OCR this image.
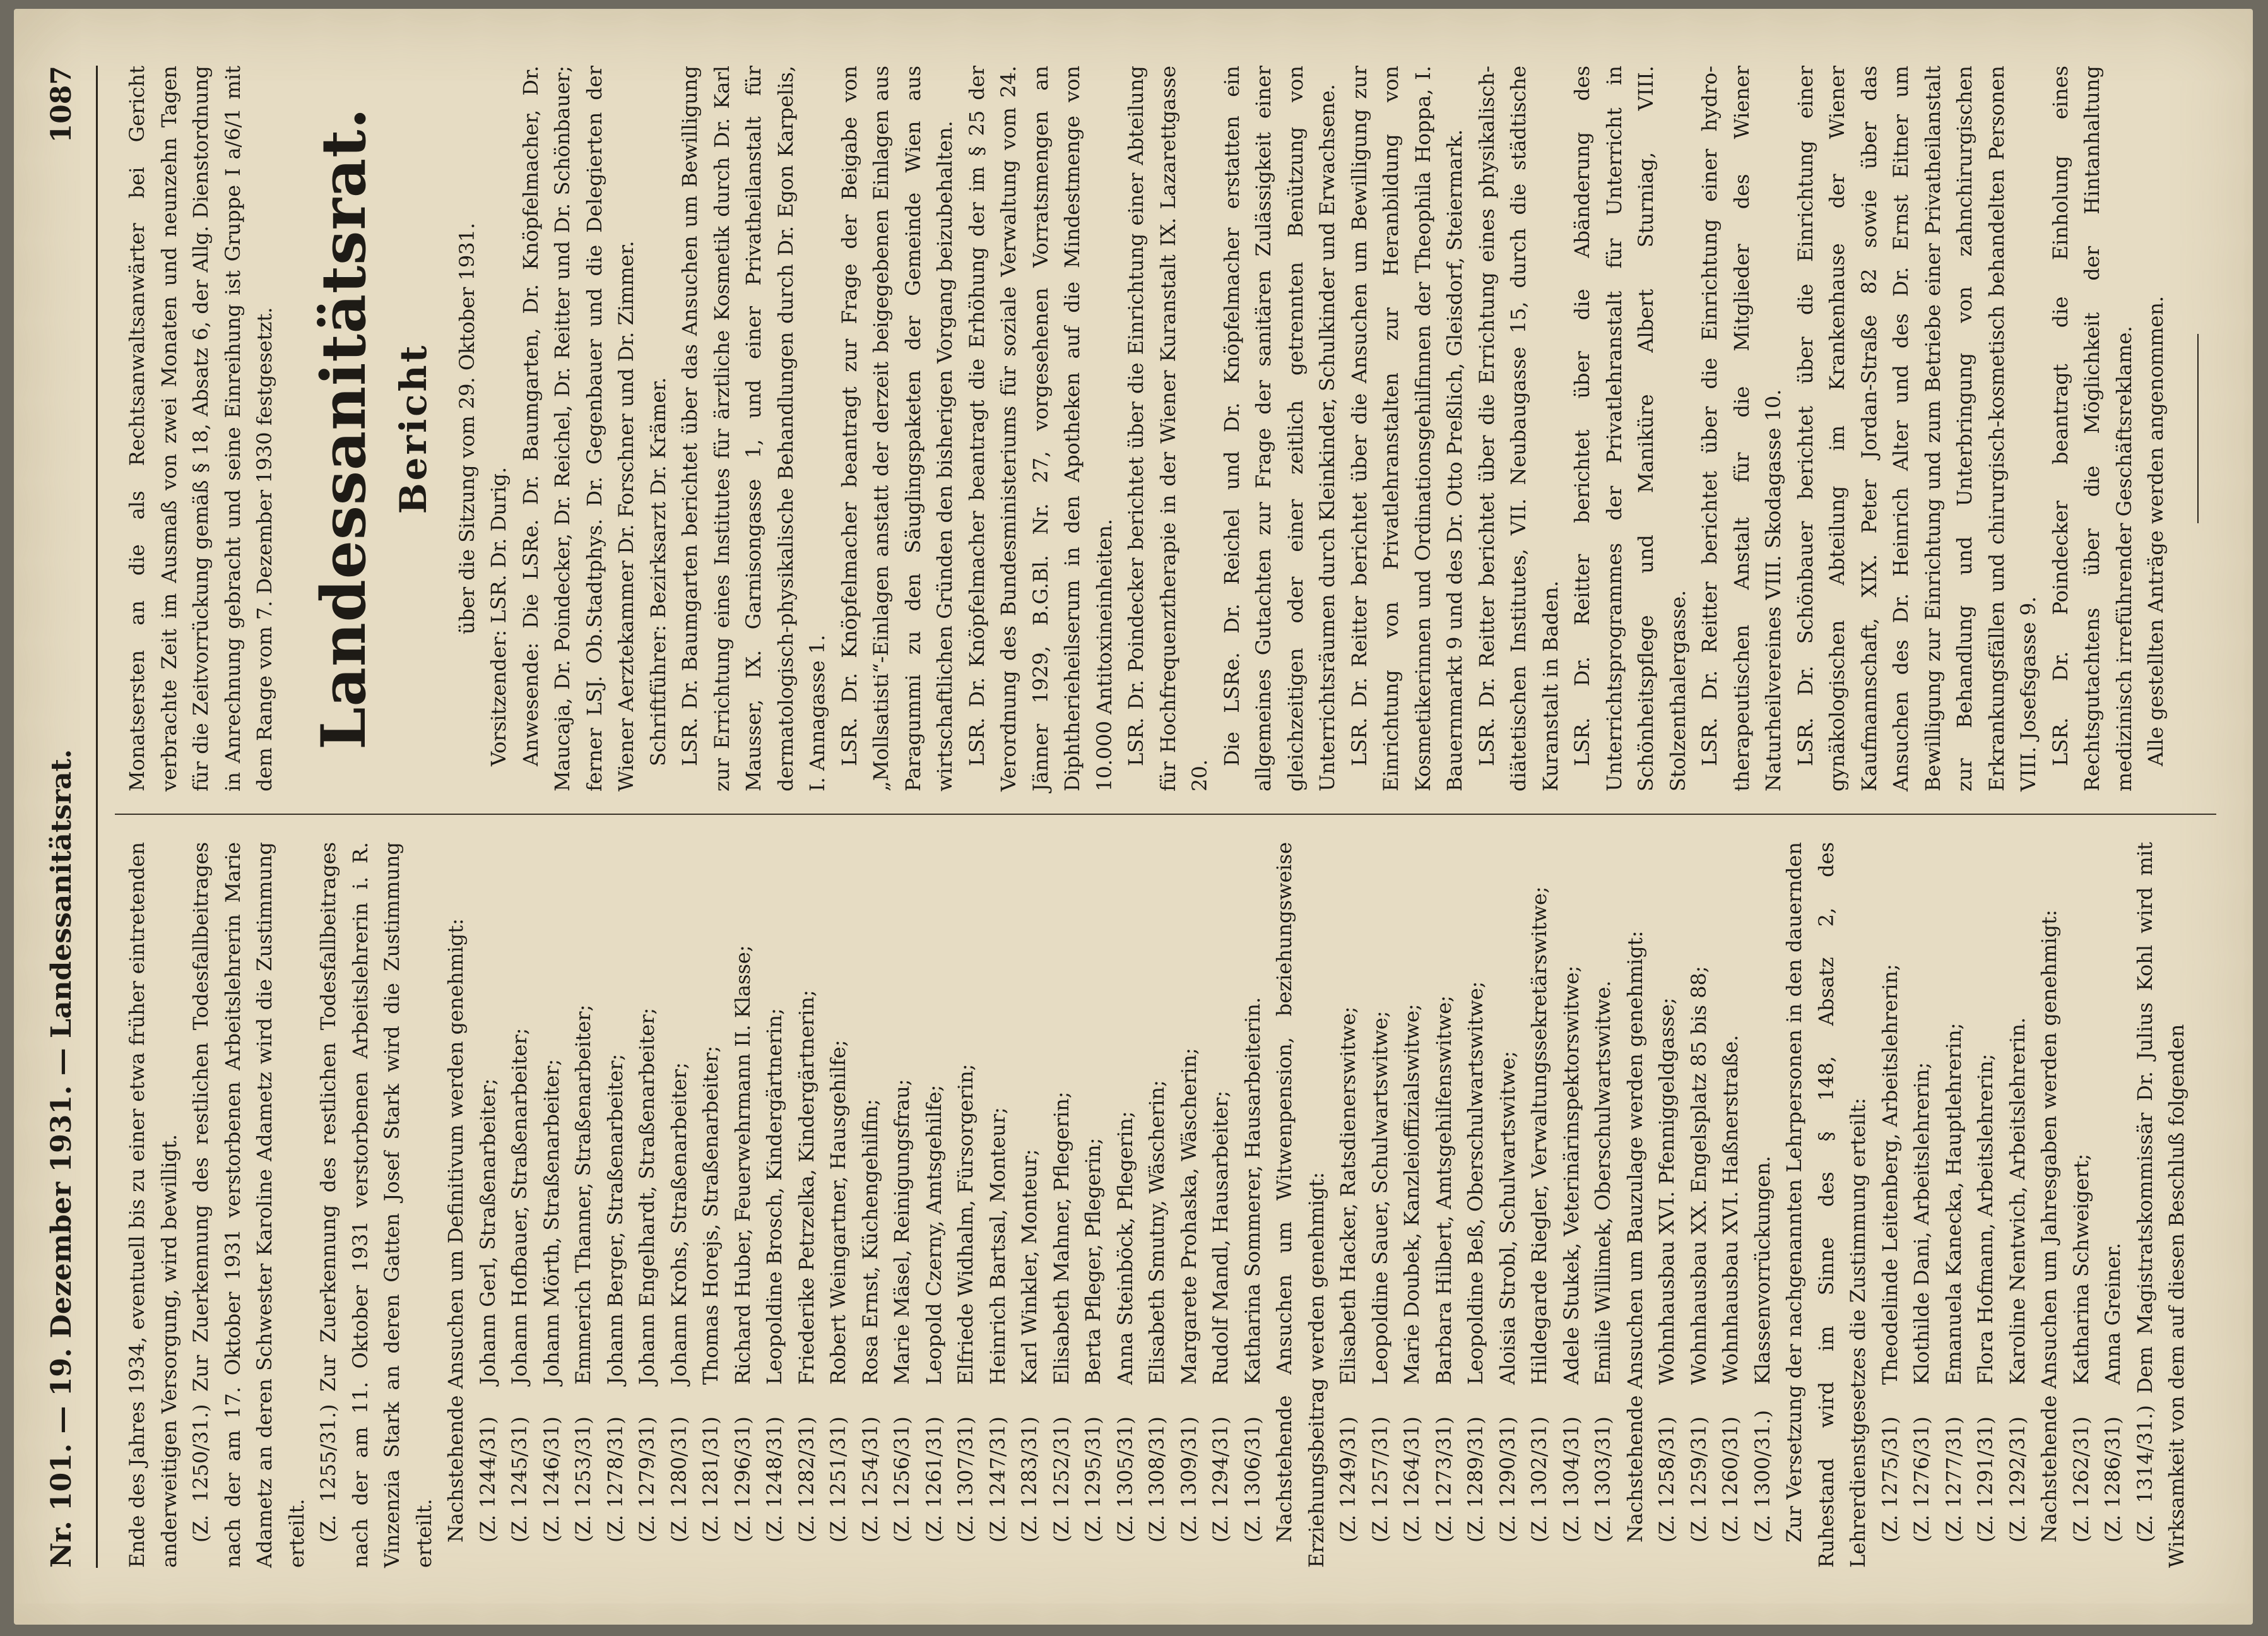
Nr. 101. — 19. Dezember 1931. — Landessanitätsrat.
1087

Ende des Jahres 1934, eventuell bis zu einer etwa früher eintretenden anderweitigen Versorgung, wird bewilligt. (Z. 1250/31.) Zur Zuerkennung des restlichen Todesfallbeitrages nach der am 17. Oktober 1931 verstorbenen Arbeitslehrerin Marie Adametz an deren Schwester Karoline Adametz wird die Zustimmung erteilt. (Z. 1255/31.) Zur Zuerkennung des restlichen Todesfallbeitrages nach der am 11. Oktober 1931 verstorbenen Arbeitslehrerin i. R. Vinzenzia Stark an deren Gatten Josef Stark wird die Zustimmung erteilt. Nachstehende Ansuchen um Definitivum werden genehmigt: (Z. 1244/31)
Johann Gerl, Straßenarbeiter;
(Z. 1245/31)
Johann Hofbauer, Straßenarbeiter;
(Z. 1246/31)
Johann Mörth, Straßenarbeiter;
(Z. 1253/31)
Emmerich Thanner, Straßenarbeiter;
(Z. 1278/31)
Johann Berger, Straßenarbeiter;
(Z. 1279/31)
Johann Engelhardt, Straßenarbeiter;
(Z. 1280/31)
Johann Krohs, Straßenarbeiter;
(Z. 1281/31)
Thomas Horejs, Straßenarbeiter;
(Z. 1296/31)
Richard Huber, Feuerwehrmann II. Klasse;
(Z. 1248/31)
Leopoldine Brosch, Kindergärtnerin;
(Z. 1282/31)
Friederike Petrzelka, Kindergärtnerin;
(Z. 1251/31)
Robert Weingartner, Hausgehilfe;
(Z. 1254/31)
Rosa Ernst, Küchengehilfin;
(Z. 1256/31)
Marie Mäsel, Reinigungsfrau;
(Z. 1261/31)
Leopold Czerny, Amtsgehilfe;
(Z. 1307/31)
Elfriede Widhalm, Fürsorgerin;
(Z. 1247/31)
Heinrich Bartsal, Monteur;
(Z. 1283/31)
Karl Winkler, Monteur;
(Z. 1252/31)
Elisabeth Mahner, Pflegerin;
(Z. 1295/31)
Berta Pfleger, Pflegerin;
(Z. 1305/31)
Anna Steinböck, Pflegerin;
(Z. 1308/31)
Elisabeth Smutny, Wäscherin;
(Z. 1309/31)
Margarete Prohaska, Wäscherin;
(Z. 1294/31)
Rudolf Mandl, Hausarbeiter;
(Z. 1306/31)
Katharina Sommerer, Hausarbeiterin. Nachstehende Ansuchen um Witwenpension, beziehungsweise Erziehungsbeitrag werden genehmigt: (Z. 1249/31)
Elisabeth Hacker, Ratsdienerswitwe;
(Z. 1257/31)
Leopoldine Sauer, Schulwartswitwe;
(Z. 1264/31)
Marie Doubek, Kanzleioffizialswitwe;
(Z. 1273/31)
Barbara Hilbert, Amtsgehilfenswitwe;
(Z. 1289/31)
Leopoldine Beß, Oberschulwartswitwe;
(Z. 1290/31)
Aloisia Strobl, Schulwartswitwe;
(Z. 1302/31)
Hildegarde Riegler, Verwaltungssekretärswitwe;
(Z. 1304/31)
Adele Stukek, Veterinärinspektorswitwe;
(Z. 1303/31)
Emilie Willimek, Oberschulwartswitwe. Nachstehende Ansuchen um Bauzulage werden genehmigt: (Z. 1258/31)
Wohnhausbau XVI. Pfenniggeldgasse;
(Z. 1259/31)
Wohnhausbau XX. Engelsplatz 85 bis 88;
(Z. 1260/31)
Wohnhausbau XVI. Haßnerstraße.
(Z. 1300/31.)
Klassenvorrückungen. Zur Versetzung der nachgenannten Lehrpersonen in den dauernden Ruhestand wird im Sinne des § 148, Absatz 2, des Lehrerdienstgesetzes die Zustimmung erteilt: (Z. 1275/31)
Theodelinde Leitenberg, Arbeitslehrerin;
(Z. 1276/31)
Klothilde Dani, Arbeitslehrerin;
(Z. 1277/31)
Emanuela Kanecka, Hauptlehrerin;
(Z. 1291/31)
Flora Hofmann, Arbeitslehrerin;
(Z. 1292/31)
Karoline Nentwich, Arbeitslehrerin. Nachstehende Ansuchen um Jahresgaben werden genehmigt: (Z. 1262/31)
Katharina Schweigert;
(Z. 1286/31)
Anna Greiner. (Z. 1314/31.) Dem Magistratskommissär Dr. Julius Kohl wird mit Wirksamkeit von dem auf diesen Beschluß folgenden

Monatsersten an die als Rechtsanwaltsanwärter bei Gericht verbrachte Zeit im Ausmaß von zwei Monaten und neunzehn Tagen für die Zeitvorrückung gemäß § 18, Absatz 6, der Allg. Dienstordnung in Anrechnung gebracht und seine Einreihung ist Gruppe I a/6/1 mit dem Range vom 7. Dezember 1930 festgesetzt. Landessanitätsrat. Bericht über die Sitzung vom 29. Oktober 1931. Vorsitzender: LSR. Dr. Durig. Anwesende: Die LSRe. Dr. Baumgarten, Dr. Knöpfelmacher, Dr. Maucaja, Dr. Poindecker, Dr. Reichel, Dr. Reitter und Dr. Schönbauer; ferner LSJ. Ob.Stadtphys. Dr. Gegenbauer und die Delegierten der Wiener Aerztekammer Dr. Forschner und Dr. Zimmer. Schriftführer: Bezirksarzt Dr. Krämer. LSR. Dr. Baumgarten berichtet über das Ansuchen um Bewilligung zur Errichtung eines Institutes für ärztliche Kosmetik durch Dr. Karl Mausser, IX. Garnisongasse 1, und einer Privatheilanstalt für dermatologisch-physikalische Behandlungen durch Dr. Egon Karpelis, I. Annagasse 1. LSR. Dr. Knöpfelmacher beantragt zur Frage der Beigabe von „Mollsatisti“-Einlagen anstatt der derzeit beigegebenen Einlagen aus Paragummi zu den Säuglingspaketen der Gemeinde Wien aus wirtschaftlichen Gründen den bisherigen Vorgang beizubehalten. LSR. Dr. Knöpfelmacher beantragt die Erhöhung der im § 25 der Verordnung des Bundesministeriums für soziale Verwaltung vom 24. Jänner 1929, B.G.Bl. Nr. 27, vorgesehenen Vorratsmengen an Diphtherieheilserum in den Apotheken auf die Mindestmenge von 10.000 Antitoxineinheiten. LSR. Dr. Poindecker berichtet über die Einrichtung einer Abteilung für Hochfrequenztherapie in der Wiener Kuranstalt IX. Lazarettgasse 20.

Die LSRe. Dr. Reichel und Dr. Knöpfelmacher erstatten ein allgemeines Gutachten zur Frage der sanitären Zulässigkeit einer gleichzeitigen oder einer zeitlich getrennten Benützung von Unterrichtsräumen durch Kleinkinder, Schulkinder und Erwachsene. LSR. Dr. Reitter berichtet über die Ansuchen um Bewilligung zur Einrichtung von Privatlehranstalten zur Heranbildung von Kosmetikerinnen und Ordinationsgehilfinnen der Theophila Hoppa, I. Bauernmarkt 9 und des Dr. Otto Preßlich, Gleisdorf, Steiermark. LSR. Dr. Reitter berichtet über die Errichtung eines physikalisch-diätetischen Institutes, VII. Neubaugasse 15, durch die städtische Kuranstalt in Baden. LSR. Dr. Reitter berichtet über die Abänderung des Unterrichtsprogrammes der Privatlehranstalt für Unterricht in Schönheitspflege und Maniküre Albert Sturniag, VIII. Stolzenthalergasse. LSR. Dr. Reitter berichtet über die Einrichtung einer hydro-therapeutischen Anstalt für die Mitglieder des Wiener Naturheilvereines VIII. Skodagasse 10. LSR. Dr. Schönbauer berichtet über die Einrichtung einer gynäkologischen Abteilung im Krankenhause der Wiener Kaufmannschaft, XIX. Peter Jordan-Straße 82 sowie über das Ansuchen des Dr. Heinrich Alter und des Dr. Ernst Eitner um Bewilligung zur Einrichtung und zum Betriebe einer Privatheilanstalt zur Behandlung und Unterbringung von zahnchirurgischen Erkrankungsfällen und chirurgisch-kosmetisch behandelten Personen VIII. Josefsgasse 9. LSR. Dr. Poindecker beantragt die Einholung eines Rechtsgutachtens über die Möglichkeit der Hintanhaltung medizinisch irreführender Geschäftsreklame. Alle gestellten Anträge werden angenommen.
